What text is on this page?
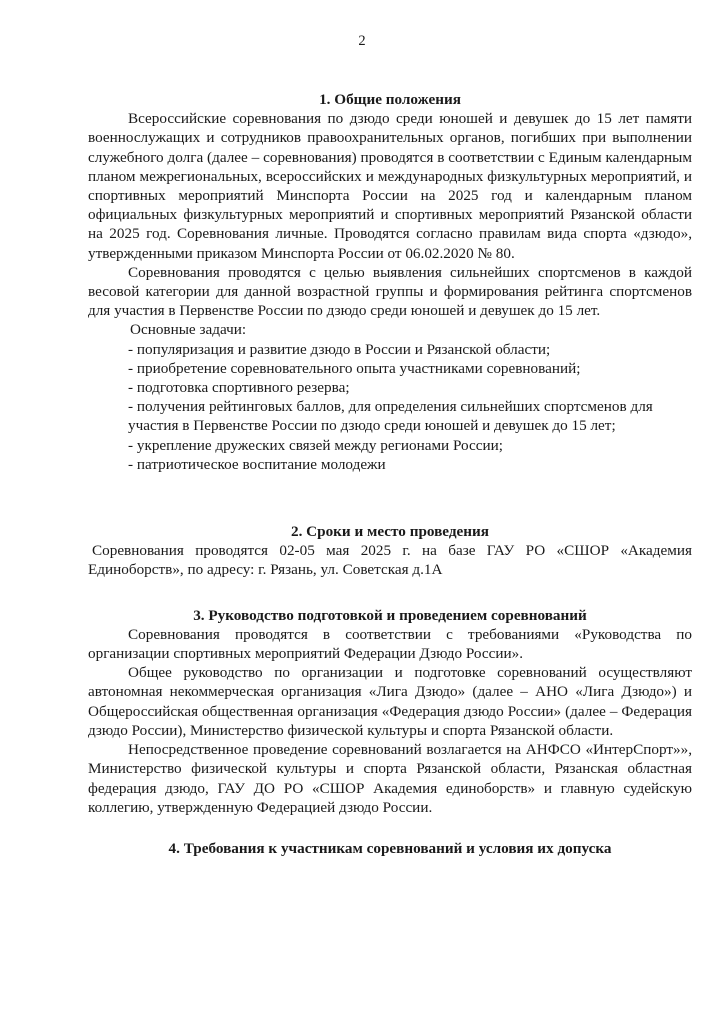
2
1. Общие положения

Всероссийские соревнования по дзюдо среди юношей и девушек до 15 лет памяти военнослужащих и сотрудников правоохранительных органов, погибших при выполнении служебного долга (далее – соревнования) проводятся в соответствии с Единым календарным планом межрегиональных, всероссийских и международных физкультурных мероприятий, и спортивных мероприятий Минспорта России на 2025 год и календарным планом официальных физкультурных мероприятий и спортивных мероприятий Рязанской области на 2025 год. Соревнования личные. Проводятся согласно правилам вида спорта «дзюдо», утвержденными приказом Минспорта России от 06.02.2020 № 80.

Соревнования проводятся с целью выявления сильнейших спортсменов в каждой весовой категории для данной возрастной группы и формирования рейтинга спортсменов для участия в Первенстве России по дзюдо среди юношей и девушек до 15 лет.

Основные задачи:

- популяризация и развитие дзюдо в России и Рязанской области;
- приобретение соревновательного опыта участниками соревнований;
- подготовка спортивного резерва;
- получения рейтинговых баллов, для определения сильнейших спортсменов для участия в Первенстве России по дзюдо среди юношей и девушек до 15 лет;
- укрепление дружеских связей между регионами России;
- патриотическое воспитание молодежи
2. Сроки и место проведения

Соревнования проводятся 02-05 мая 2025 г. на базе ГАУ РО «СШОР «Академия Единоборств», по адресу: г. Рязань, ул. Советская д.1А

3. Руководство подготовкой и проведением соревнований

Соревнования проводятся в соответствии с требованиями «Руководства по организации спортивных мероприятий Федерации Дзюдо России».

Общее руководство по организации и подготовке соревнований осуществляют автономная некоммерческая организация «Лига Дзюдо» (далее – АНО «Лига Дзюдо») и Общероссийская общественная организация «Федерация дзюдо России» (далее – Федерация дзюдо России), Министерство физической культуры и спорта Рязанской области.

Непосредственное проведение соревнований возлагается на АНФСО «ИнтерСпорт»», Министерство физической культуры и спорта Рязанской области, Рязанская областная федерация дзюдо, ГАУ ДО РО «СШОР Академия единоборств» и главную судейскую коллегию, утвержденную Федерацией дзюдо России.

4. Требования к участникам соревнований и условия их допуска
